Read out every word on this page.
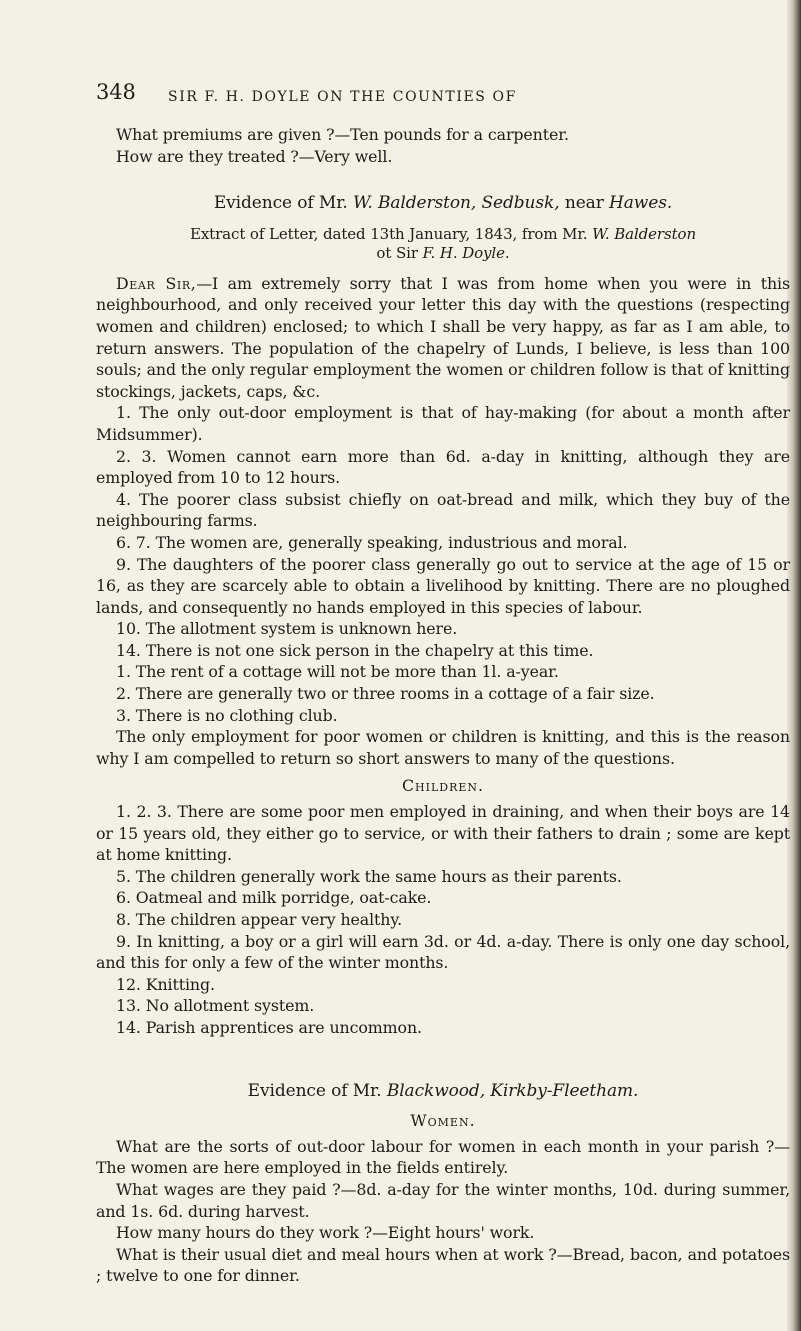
348 SIR F. H. DOYLE ON THE COUNTIES OF

What premiums are given ?—Ten pounds for a carpenter.

How are they treated ?—Very well.

Evidence of Mr. W. Balderston, Sedbusk, near Hawes.

Extract of Letter, dated 13th January, 1843, from Mr. W. Balderston
ot Sir F. H. Doyle.

Dear Sir,—I am extremely sorry that I was from home when you were in this neighbourhood, and only received your letter this day with the questions (respecting women and children) enclosed; to which I shall be very happy, as far as I am able, to return answers. The population of the chapelry of Lunds, I believe, is less than 100 souls; and the only regular employment the women or children follow is that of knitting stockings, jackets, caps, &c.

1. The only out-door employment is that of hay-making (for about a month after Midsummer).

2. 3. Women cannot earn more than 6d. a-day in knitting, although they are employed from 10 to 12 hours.

4. The poorer class subsist chiefly on oat-bread and milk, which they buy of the neighbouring farms.

6. 7. The women are, generally speaking, industrious and moral.

9. The daughters of the poorer class generally go out to service at the age of 15 or 16, as they are scarcely able to obtain a livelihood by knitting. There are no ploughed lands, and consequently no hands employed in this species of labour.

10. The allotment system is unknown here.

14. There is not one sick person in the chapelry at this time.

1. The rent of a cottage will not be more than 1l. a-year.

2. There are generally two or three rooms in a cottage of a fair size.

3. There is no clothing club.

The only employment for poor women or children is knitting, and this is the reason why I am compelled to return so short answers to many of the questions.

Children.

1. 2. 3. There are some poor men employed in draining, and when their boys are 14 or 15 years old, they either go to service, or with their fathers to drain ; some are kept at home knitting.

5. The children generally work the same hours as their parents.

6. Oatmeal and milk porridge, oat-cake.

8. The children appear very healthy.

9. In knitting, a boy or a girl will earn 3d. or 4d. a-day. There is only one day school, and this for only a few of the winter months.

12. Knitting.

13. No allotment system.

14. Parish apprentices are uncommon.

Evidence of Mr. Blackwood, Kirkby-Fleetham.

Women.

What are the sorts of out-door labour for women in each month in your parish ?—The women are here employed in the fields entirely.

What wages are they paid ?—8d. a-day for the winter months, 10d. during summer, and 1s. 6d. during harvest.

How many hours do they work ?—Eight hours' work.

What is their usual diet and meal hours when at work ?—Bread, bacon, and potatoes ; twelve to one for dinner.
